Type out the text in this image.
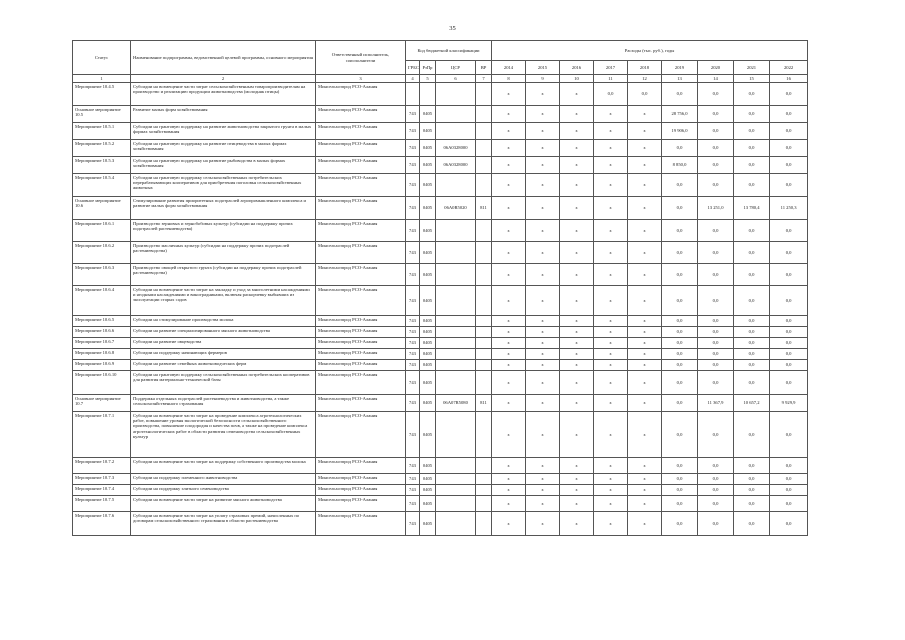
35
Статус	Наименование подпрограммы, ведомственной целевой программы, основного мероприятия	Ответственный исполнитель, соисполнители	Код бюджетной классификации				Расходы (тыс. руб.), годы								
			ГРБС	РзПр	ЦСР	ВР	2014	2015	2016	2017	2018	2019	2020	2021	2022
1	2	3	4	5	6	7	8	9	10	11	12	13	14	15	16
Мероприятие 10.4.5	Субсидии на возмещение части затрат сельскохозяйственным товаропроизводителям на производство и реализацию продукции животноводства (молодняк птицы)	Минсельхозпрод РСО-Алания					x	x	x	0,0	0,0	0,0	0,0	0,0	0,0
Основное мероприятие 10.5	Развитие малых форм хозяйствования	Минсельхозпрод РСО-Алания	743	0405			x	x	x	x	x	28 756,0	0,0	0,0	0,0
Мероприятие 10.5.1	Субсидии на грантовую поддержку на развитие животноводства закрытого грунта в малых формах хозяйствования	Минсельхозпрод РСО-Алания	743	0405			x	x	x	x	x	19 906,0	0,0	0,0	0,0
Мероприятие 10.5.2	Субсидии на грантовую поддержку на развитие птицеводства в малых формах хозяйствования	Минсельхозпрод РСО-Алания	743	0405	06А0328000		x	x	x	x	x	0,0	0,0	0,0	0,0
Мероприятие 10.5.3	Субсидии на грантовую поддержку на развитие рыбоводства в малых формах хозяйствования	Минсельхозпрод РСО-Алания	743	0405	06А0328000		x	x	x	x	x	8 850,0	0,0	0,0	0,0
Мероприятие 10.5.4	Субсидии на грантовую поддержку сельскохозяйственных потребительских перерабатывающих кооперативов для приобретения поголовья сельскохозяйственных животных	Минсельхозпрод РСО-Алания	743	0405			x	x	x	x	x	0,0	0,0	0,0	0,0
Основное мероприятие 10.6	Стимулирование развития приоритетных подотраслей агропромышленного комплекса и развитие малых форм хозяйствования	Минсельхозпрод РСО-Алания	743	0405	06А0R5020	811	x	x	x	x	x	0,0	13 251,0	13 780,4	11 250,3
Мероприятие 10.6.1	Производство зерновых и зернобобовых культур (субсидии на поддержку прочих подотраслей растениеводства)	Минсельхозпрод РСО-Алания	743	0405			x	x	x	x	x	0,0	0,0	0,0	0,0
Мероприятие 10.6.2	Производство масличных культур (субсидии на поддержку прочих подотраслей растениеводства)	Минсельхозпрод РСО-Алания	743	0405			x	x	x	x	x	0,0	0,0	0,0	0,0
Мероприятие 10.6.3	Производство овощей открытого грунта (субсидии на поддержку прочих подотраслей растениеводства)	Минсельхозпрод РСО-Алания	743	0405			x	x	x	x	x	0,0	0,0	0,0	0,0
Мероприятие 10.6.4	Субсидии на возмещение части затрат на закладку и уход за многолетними насаждениями и ягодными насаждениями и виноградниками, включая раскорчевку выбывших из эксплуатации старых садов	Минсельхозпрод РСО-Алания	743	0405			x	x	x	x	x	0,0	0,0	0,0	0,0
Мероприятие 10.6.5	Субсидии на стимулирование производства молока	Минсельхозпрод РСО-Алания	743	0405			x	x	x	x	x	0,0	0,0	0,0	0,0
Мероприятие 10.6.6	Субсидии на развитие специализированного мясного животноводства	Минсельхозпрод РСО-Алания	743	0405			x	x	x	x	x	0,0	0,0	0,0	0,0
Мероприятие 10.6.7	Субсидии на развитие овцеводства	Минсельхозпрод РСО-Алания	743	0405			x	x	x	x	x	0,0	0,0	0,0	0,0
Мероприятие 10.6.8	Субсидии на поддержку начинающих фермеров	Минсельхозпрод РСО-Алания	743	0405			x	x	x	x	x	0,0	0,0	0,0	0,0
Мероприятие 10.6.9	Субсидии на развитие семейных животноводческих ферм	Минсельхозпрод РСО-Алания	743	0405			x	x	x	x	x	0,0	0,0	0,0	0,0
Мероприятие 10.6.10	Субсидии на грантовую поддержку сельскохозяйственных потребительских кооперативов для развития материально-технической базы	Минсельхозпрод РСО-Алания	743	0405			x	x	x	x	x	0,0	0,0	0,0	0,0
Основное мероприятие 10.7	Поддержка отдельных подотраслей растениеводства и животноводства, а также сельскохозяйственного страхования	Минсельхозпрод РСО-Алания	743	0405	06А07R5080	811	x	x	x	x	x	0,0	11 367,9	10 657,2	9 929,9
Мероприятие 10.7.1	Субсидии на возмещение части затрат на проведение комплекса агротехнологических работ, повышение уровня экологической безопасности сельскохозяйственного производства, повышение плодородия и качества почв, а также на проведение комплекса агротехнологических работ в области развития семеноводства сельскохозяйственных культур	Минсельхозпрод РСО-Алания	743	0405			x	x	x	x	x	0,0	0,0	0,0	0,0
Мероприятие 10.7.2	Субсидии на возмещение части затрат на поддержку собственного производства молока	Минсельхозпрод РСО-Алания	743	0405			x	x	x	x	x	0,0	0,0	0,0	0,0
Мероприятие 10.7.3	Субсидии на поддержку племенного животноводства	Минсельхозпрод РСО-Алания	743	0405			x	x	x	x	x	0,0	0,0	0,0	0,0
Мероприятие 10.7.4	Субсидии на поддержку элитного семеноводства	Минсельхозпрод РСО-Алания	743	0405			x	x	x	x	x	0,0	0,0	0,0	0,0
Мероприятие 10.7.5	Субсидии на возмещение части затрат на развитие мясного животноводства	Минсельхозпрод РСО-Алания	743	0405			x	x	x	x	x	0,0	0,0	0,0	0,0
Мероприятие 10.7.6	Субсидии на возмещение части затрат на уплату страховых премий, начисленных по договорам сельскохозяйственного страхования в области растениеводства	Минсельхозпрод РСО-Алания	743	0405			x	x	x	x	x	0,0	0,0	0,0	0,0
